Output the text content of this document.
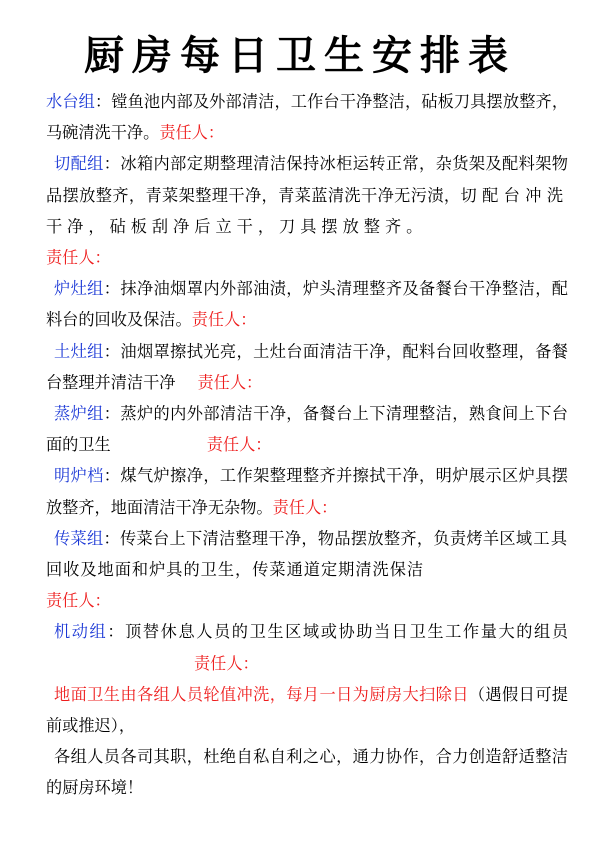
厨房每日卫生安排表
水台组：镗鱼池内部及外部清洁，工作台干净整洁，砧板刀具摆放整齐，马碗清洗干净。责任人：
切配组：冰箱内部定期整理清洁保持冰柜运转正常，杂货架及配料架物品摆放整齐，青菜架整理干净，青菜蓝清洗干净无污渍，切配台冲洗干净，砧板刮净后立干，刀具摆放整齐。
责任人：
炉灶组：抹净油烟罩内外部油渍，炉头清理整齐及备餐台干净整洁，配料台的回收及保洁。责任人：
土灶组：油烟罩擦拭光亮，土灶台面清洁干净，配料台回收整理，备餐台整理并清洁干净 责任人：
蒸炉组：蒸炉的内外部清洁干净，备餐台上下清理整洁，熟食间上下台面的卫生	责任人：
明炉档：煤气炉擦净，工作架整理整齐并擦拭干净，明炉展示区炉具摆放整齐，地面清洁干净无杂物。责任人：
传菜组：传菜台上下清洁整理干净，物品摆放整齐，负责烤羊区域工具回收及地面和炉具的卫生，传菜通道定期清洗保洁
责任人：
机动组：顶替休息人员的卫生区域或协助当日卫生工作量大的组员责任人：
地面卫生由各组人员轮值冲洗，每月一日为厨房大扫除日（遇假日可提前或推迟），
各组人员各司其职，杜绝自私自利之心，通力协作，合力创造舒适整洁的厨房环境！
